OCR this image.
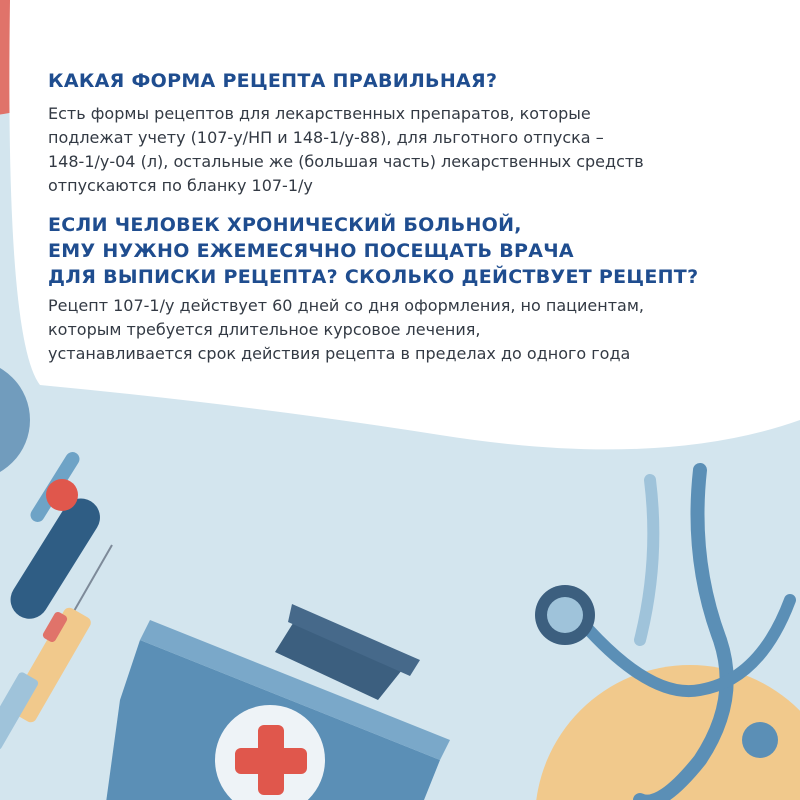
КАКАЯ ФОРМА РЕЦЕПТА ПРАВИЛЬНАЯ?

Есть формы рецептов для лекарственных препаратов, которые
подлежат учету (107-у/НП и 148-1/у-88), для льготного отпуска –
148-1/у-04 (л), остальные же (большая часть) лекарственных средств
отпускаются по бланку 107-1/у

ЕСЛИ ЧЕЛОВЕК ХРОНИЧЕСКИЙ БОЛЬНОЙ,
ЕМУ НУЖНО ЕЖЕМЕСЯЧНО ПОСЕЩАТЬ ВРАЧА
ДЛЯ ВЫПИСКИ РЕЦЕПТА? СКОЛЬКО ДЕЙСТВУЕТ РЕЦЕПТ?

Рецепт 107-1/у действует 60 дней со дня оформления, но пациентам,
которым требуется длительное курсовое лечения,
устанавливается срок действия рецепта в пределах до одного года
